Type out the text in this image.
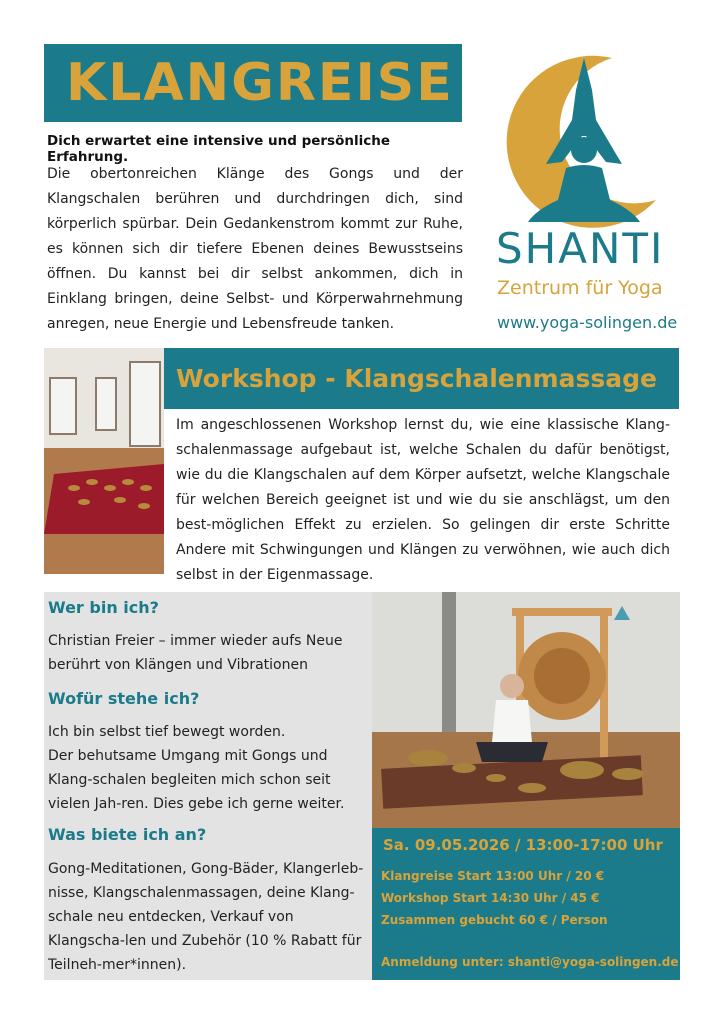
KLANGREISE
Dich erwartet eine intensive und persönliche Erfahrung.
Die obertonreichen Klänge des Gongs und der Klangschalen berühren und durchdringen dich, sind körperlich spürbar. Dein Gedankenstrom kommt zur Ruhe, es können sich dir tiefere Ebenen deines Bewusstseins öffnen. Du kannst bei dir selbst ankommen, dich in Einklang bringen, deine Selbst- und Körperwahrnehmung anregen, neue Energie und Lebensfreude tanken.
SHANTI
Zentrum für Yoga
www.yoga-solingen.de
Workshop - Klangschalenmassage
Im angeschlossenen Workshop lernst du, wie eine klassische Klang-schalenmassage aufgebaut ist, welche Schalen du dafür benötigst, wie du die Klangschalen auf dem Körper aufsetzt, welche Klangschale für welchen Bereich geeignet ist und wie du sie anschlägst, um den best-möglichen Effekt zu erzielen. So gelingen dir erste Schritte Andere mit Schwingungen und Klängen zu verwöhnen, wie auch dich selbst in der Eigenmassage.
Wer bin ich?
Christian Freier – immer wieder aufs Neue berührt von Klängen und Vibrationen
Wofür stehe ich?
Ich bin selbst tief bewegt worden.
Der behutsame Umgang mit Gongs und Klang-schalen begleiten mich schon seit vielen Jah-ren. Dies gebe ich gerne weiter.
Was biete ich an?
Gong-Meditationen, Gong-Bäder, Klangerleb-nisse, Klangschalenmassagen, deine Klang-schale neu entdecken, Verkauf von Klangscha-len und Zubehör (10 % Rabatt für Teilneh-mer*innen).
Sa. 09.05.2026 / 13:00-17:00 Uhr
Klangreise Start 13:00 Uhr / 20 €
Workshop Start 14:30 Uhr / 45 €
Zusammen gebucht 60 € / Person
Anmeldung unter: shanti@yoga-solingen.de
